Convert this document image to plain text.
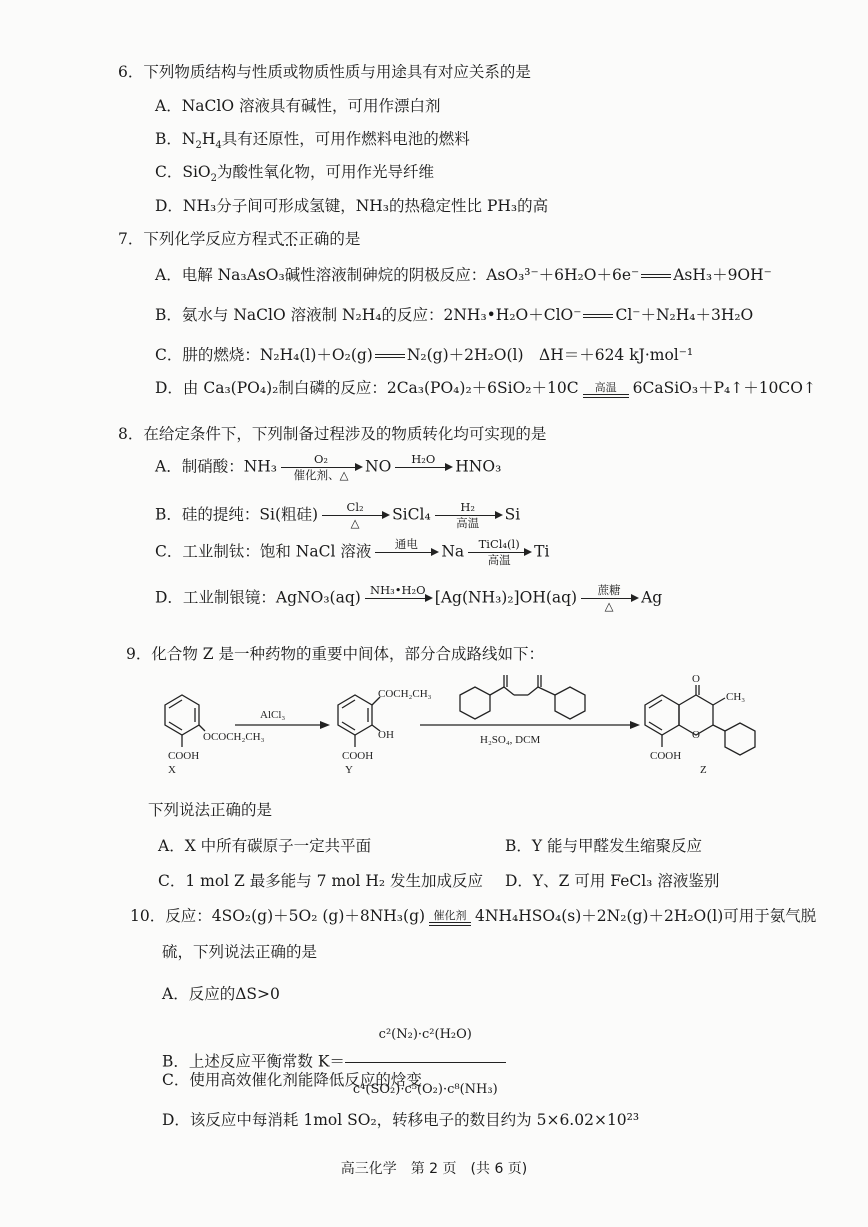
6．下列物质结构与性质或物质性质与用途具有对应关系的是
A．NaClO 溶液具有碱性，可用作漂白剂
B．$N_2H_4$具有还原性，可用作燃料电池的燃料
C．SiO$_2$为酸性氧化物，可用作光导纤维
D．NH₃分子间可形成氢键，NH₃的热稳定性比 PH₃的高
7．下列化学反应方程式不正确的是
A．电解 Na₃AsO₃碱性溶液制砷烷的阴极反应：AsO₃³⁻＋6H₂O＋6e⁻ AsH₃＋9OH⁻
B．氨水与 NaClO 溶液制 N₂H₄的反应：2NH₃•H₂O＋ClO⁻ Cl⁻＋N₂H₄＋3H₂O
C．肼的燃烧：N₂H₄(l)＋O₂(g) N₂(g)＋2H₂O(l)　ΔH＝＋624 kJ·mol⁻¹
D．由 Ca₃(PO₄)₂制白磷的反应：2Ca₃(PO₄)₂＋6SiO₂＋10C	高温	6CaSiO₃＋P₄↑＋10CO↑
8．在给定条件下，下列制备过程涉及的物质转化均可实现的是
A．制硝酸：NH₃	O₂
催化剂、△	NO	H₂O	HNO₃
B．硅的提纯：Si(粗硅)	Cl₂
△	SiCl₄	H₂
高温	Si
C．工业制钛：饱和 NaCl 溶液	通电	Na	TiCl₄(l)
高温	Ti
D．工业制银镜：AgNO₃(aq) NH₃•H₂O [Ag(NH₃)₂]OH(aq)	蔗糖
△	Ag
9．化合物 Z 是一种药物的重要中间体，部分合成路线如下：
OCOCH₂CH₃
COOH
X
AlCl₃
COCH₂CH₃
OH
COOH
Y
H₂SO₄, DCM
O
CH₃
O
COOH
Z
下列说法正确的是
A．X 中所有碳原子一定共平面	B．Y 能与甲醛发生缩聚反应
C．1 mol Z 最多能与 7 mol H₂ 发生加成反应 D．Y、Z 可用 FeCl₃ 溶液鉴别
10．反应：4SO₂(g)＋5O₂ (g)＋8NH₃(g) 催化剂 4NH₄HSO₄(s)＋2N₂(g)＋2H₂O(l)可用于氨气脱
硫，下列说法正确的是
A．反应的ΔS>0
B．上述反应平衡常数 $K= \frac{\text{c²(N₂)·c²(H₂O)}}{\text{c⁴(SO₂)·c⁵(O₂)·c⁸(NH₃)}}$
C．使用高效催化剂能降低反应的焓变
D．该反应中每消耗 1mol SO₂，转移电子的数目约为 5×6.02×10²³
高三化学　第 2 页　(共 6 页)
